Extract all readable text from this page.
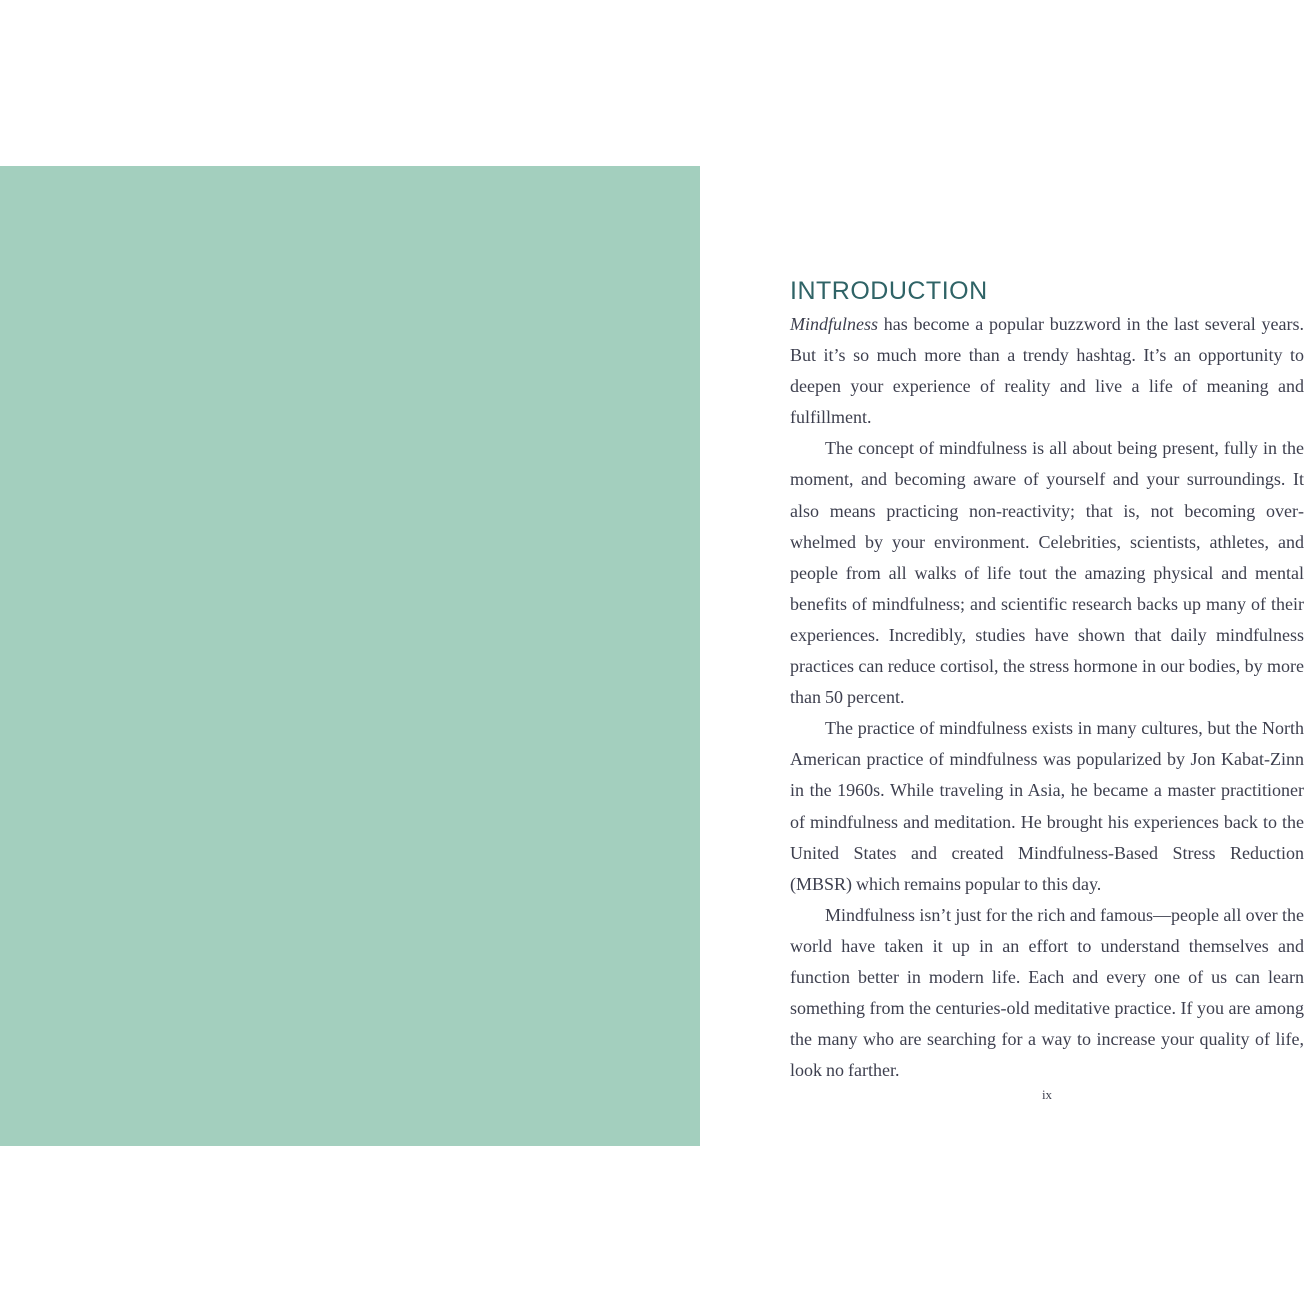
INTRODUCTION

Mindfulness has become a popular buzzword in the last several years. But it’s so much more than a trendy hashtag. It’s an opportunity to deepen your experience of reality and live a life of meaning and fulfillment.

The concept of mindfulness is all about being present, fully in the moment, and becoming aware of yourself and your surroundings. It also means practicing non-reactivity; that is, not becoming overwhelmed by your environment. Celebrities, scientists, athletes, and people from all walks of life tout the amazing physical and mental benefits of mindfulness; and scientific research backs up many of their experiences. Incredibly, studies have shown that daily mindfulness practices can reduce cortisol, the stress hormone in our bodies, by more than 50 percent.

The practice of mindfulness exists in many cultures, but the North American practice of mindfulness was popularized by Jon Kabat-Zinn in the 1960s. While traveling in Asia, he became a master practitioner of mindfulness and meditation. He brought his experiences back to the United States and created Mindfulness-Based Stress Reduction (MBSR) which remains popular to this day.

Mindfulness isn’t just for the rich and famous—people all over the world have taken it up in an effort to understand themselves and function better in modern life. Each and every one of us can learn something from the centuries-old meditative practice. If you are among the many who are searching for a way to increase your quality of life, look no farther.

ix
